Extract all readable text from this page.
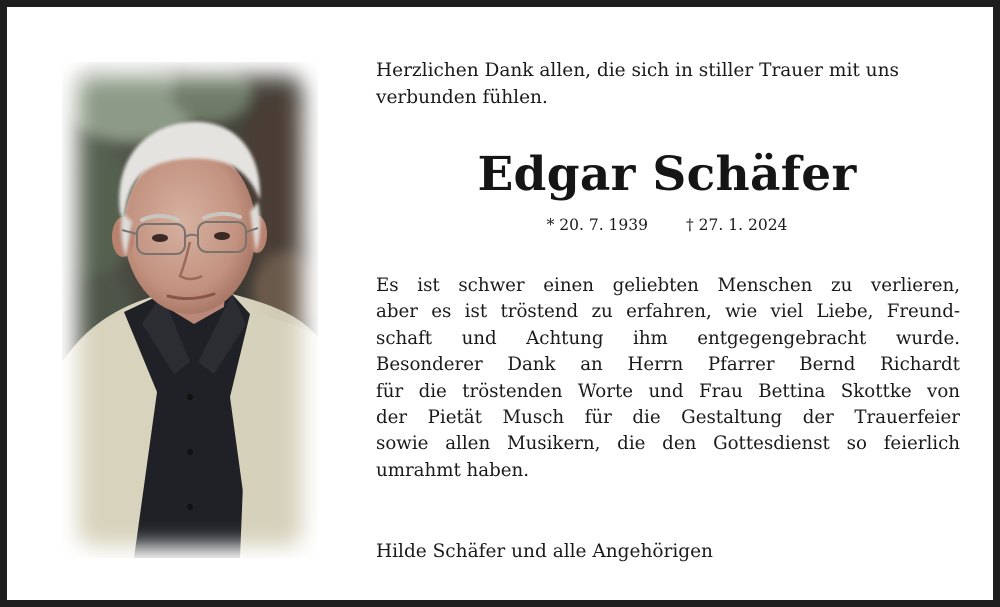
Herzlichen Dank allen, die sich in stiller Trauer mit uns verbunden fühlen.

Edgar Schäfer
* 20. 7. 1939 † 27. 1. 2024
Es ist schwer einen geliebten Menschen zu verlieren,
aber es ist tröstend zu erfahren, wie viel Liebe, Freund-
schaft und Achtung ihm entgegengebracht wurde.
Besonderer Dank an Herrn Pfarrer Bernd Richardt
für die tröstenden Worte und Frau Bettina Skottke von
der Pietät Musch für die Gestaltung der Trauerfeier
sowie allen Musikern, die den Gottesdienst so feierlich
umrahmt haben.

Hilde Schäfer und alle Angehörigen
